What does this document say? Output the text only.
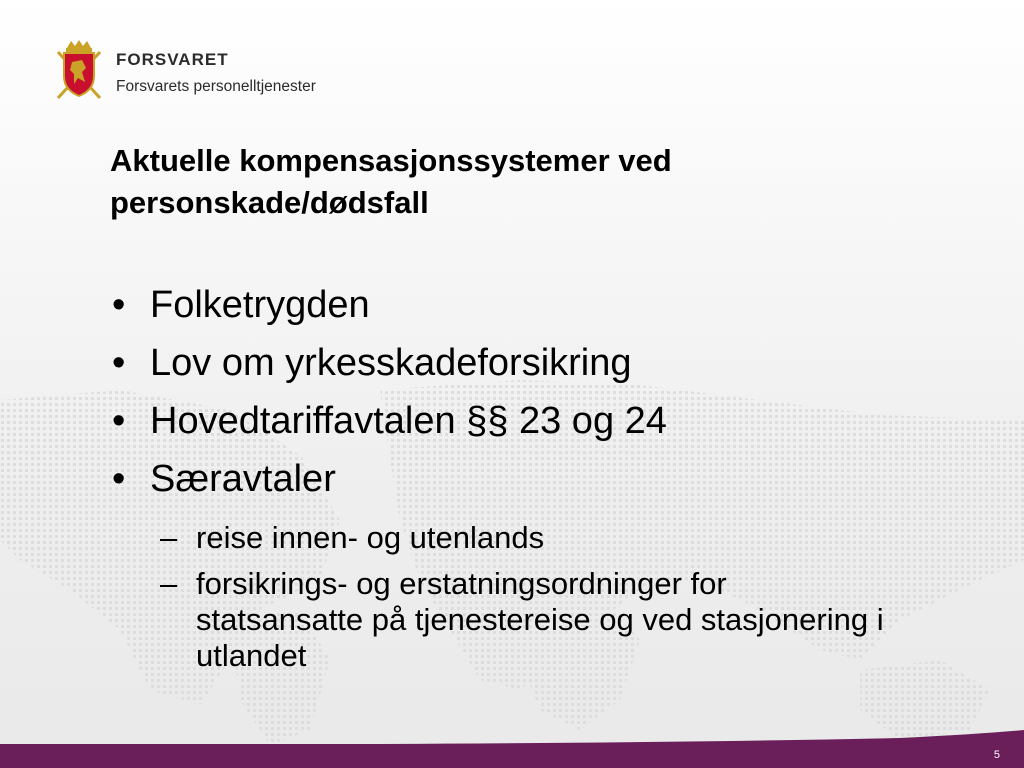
FORSVARET
Forsvarets personelltjenester
Aktuelle kompensasjonssystemer ved personskade/dødsfall
• Folketrygden
• Lov om yrkesskadeforsikring
• Hovedtariffavtalen §§ 23 og 24
• Særavtaler
– reise innen- og utenlands
– forsikrings- og erstatningsordninger for statsansatte på tjenestereise og ved stasjonering i utlandet
5
